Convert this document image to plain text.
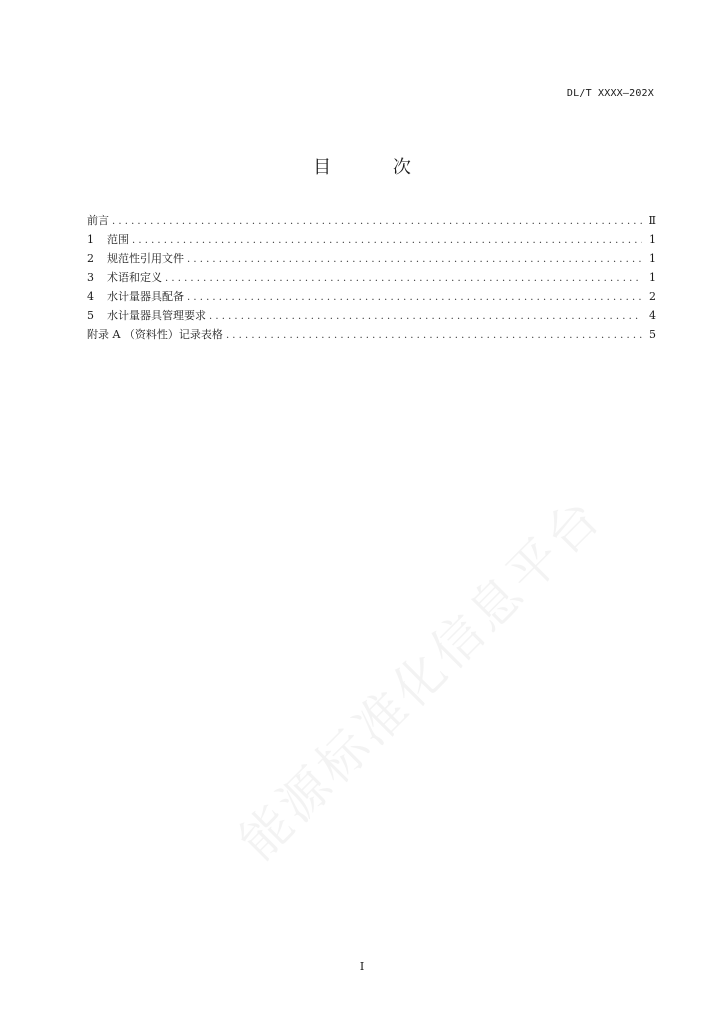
DL/T XXXX—202X
目 次
前言 . . .	Ⅱ
1	范围 . . .	1
2	规范性引用文件 . . .	1
3	术语和定义 . . .	1
4	水计量器具配备 . . .	2
5	水计量器具管理要求 . . .	4
附录 A （资料性）记录表格 . . .	5
能源标准化信息平台
I
